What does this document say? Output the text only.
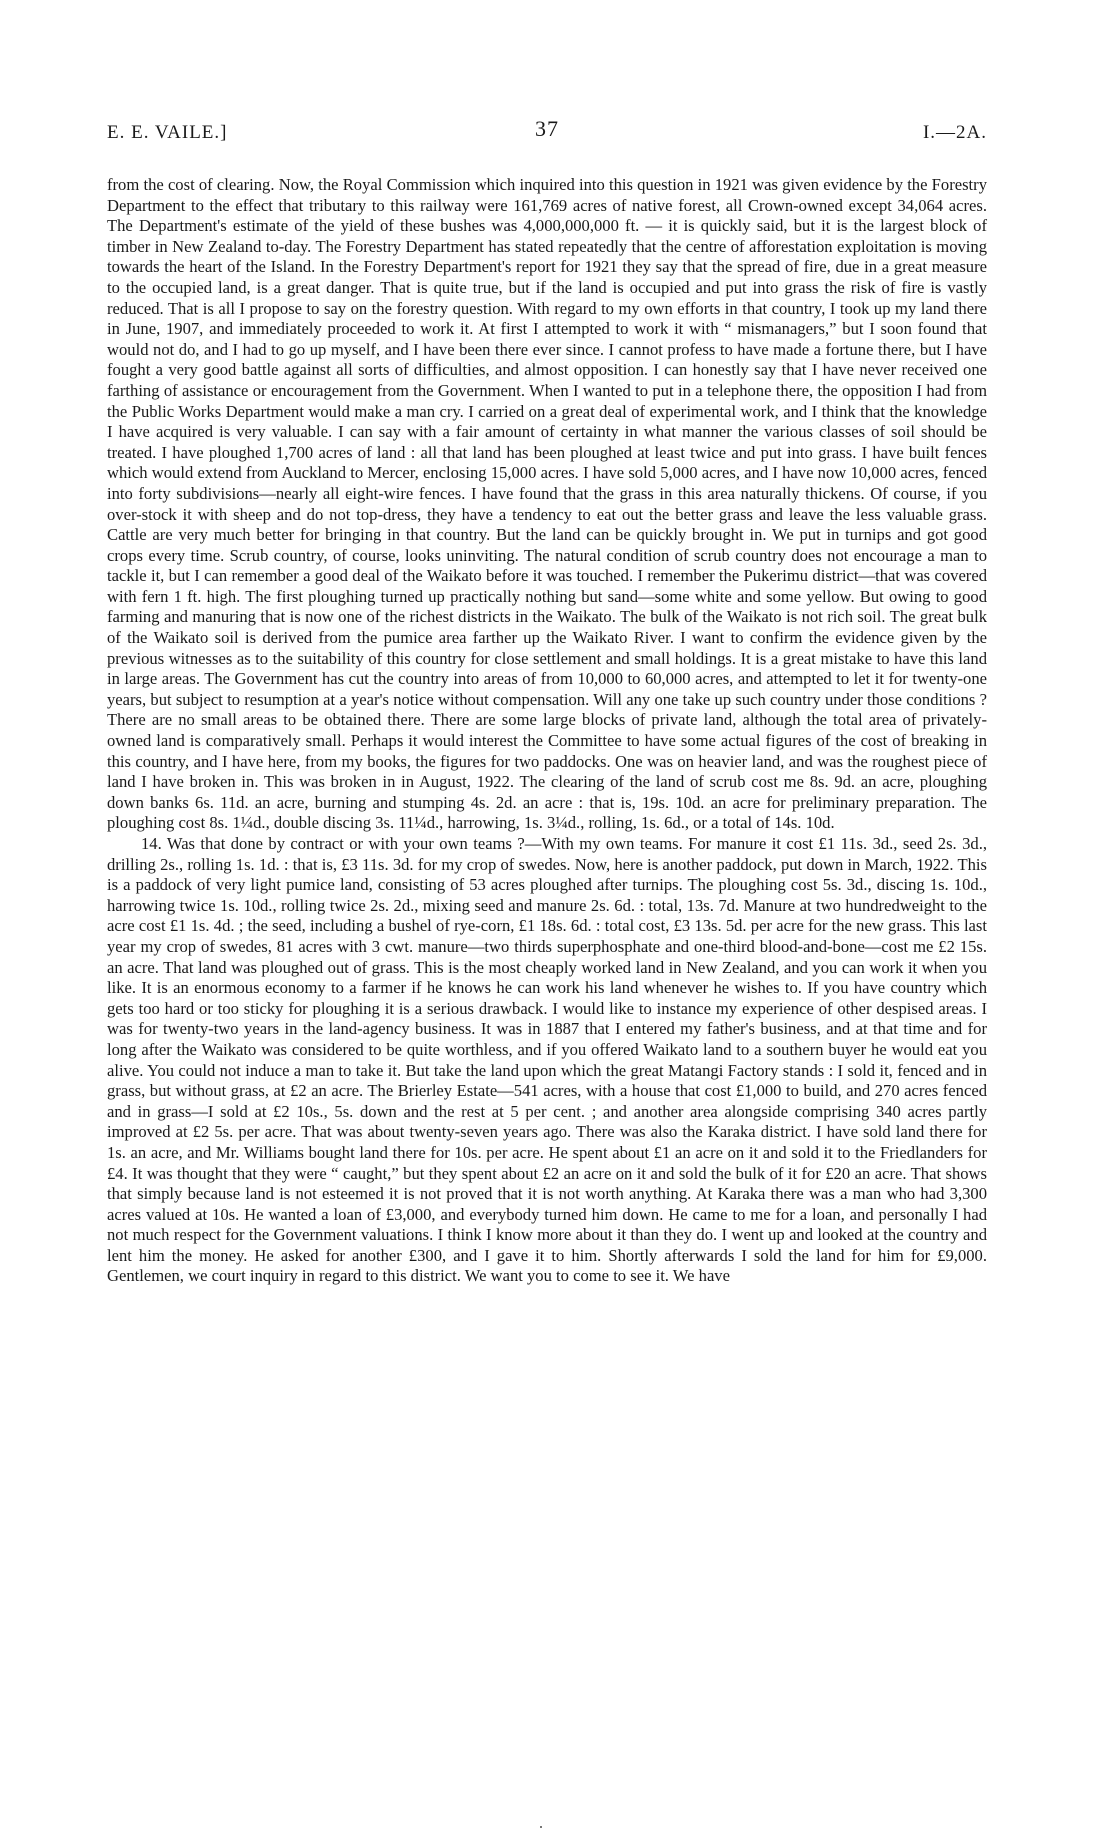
E. E. VAILE.]	37	I.—2A.

from the cost of clearing. Now, the Royal Commission which inquired into this question in 1921 was given evidence by the Forestry Department to the effect that tributary to this railway were 161,769 acres of native forest, all Crown-owned except 34,064 acres. The Department's estimate of the yield of these bushes was 4,000,000,000 ft. — it is quickly said, but it is the largest block of timber in New Zealand to-day. The Forestry Department has stated repeatedly that the centre of afforestation exploitation is moving towards the heart of the Island. In the Forestry Department's report for 1921 they say that the spread of fire, due in a great measure to the occupied land, is a great danger. That is quite true, but if the land is occupied and put into grass the risk of fire is vastly reduced. That is all I propose to say on the forestry question. With regard to my own efforts in that country, I took up my land there in June, 1907, and immediately proceeded to work it. At first I attempted to work it with “ mismanagers,” but I soon found that would not do, and I had to go up myself, and I have been there ever since. I cannot profess to have made a fortune there, but I have fought a very good battle against all sorts of difficulties, and almost opposition. I can honestly say that I have never received one farthing of assistance or encouragement from the Government. When I wanted to put in a telephone there, the opposition I had from the Public Works Department would make a man cry. I carried on a great deal of experimental work, and I think that the knowledge I have acquired is very valuable. I can say with a fair amount of certainty in what manner the various classes of soil should be treated. I have ploughed 1,700 acres of land : all that land has been ploughed at least twice and put into grass. I have built fences which would extend from Auckland to Mercer, enclosing 15,000 acres. I have sold 5,000 acres, and I have now 10,000 acres, fenced into forty subdivisions—nearly all eight-wire fences. I have found that the grass in this area naturally thickens. Of course, if you over-stock it with sheep and do not top-dress, they have a tendency to eat out the better grass and leave the less valuable grass. Cattle are very much better for bringing in that country. But the land can be quickly brought in. We put in turnips and got good crops every time. Scrub country, of course, looks uninviting. The natural condition of scrub country does not encourage a man to tackle it, but I can remember a good deal of the Waikato before it was touched. I remember the Pukerimu district—that was covered with fern 1 ft. high. The first ploughing turned up practically nothing but sand—some white and some yellow. But owing to good farming and manuring that is now one of the richest districts in the Waikato. The bulk of the Waikato is not rich soil. The great bulk of the Waikato soil is derived from the pumice area farther up the Waikato River. I want to confirm the evidence given by the previous witnesses as to the suitability of this country for close settlement and small holdings. It is a great mistake to have this land in large areas. The Government has cut the country into areas of from 10,000 to 60,000 acres, and attempted to let it for twenty-one years, but subject to resumption at a year's notice without compensation. Will any one take up such country under those conditions ? There are no small areas to be obtained there. There are some large blocks of private land, although the total area of privately-owned land is comparatively small. Perhaps it would interest the Committee to have some actual figures of the cost of breaking in this country, and I have here, from my books, the figures for two paddocks. One was on heavier land, and was the roughest piece of land I have broken in. This was broken in in August, 1922. The clearing of the land of scrub cost me 8s. 9d. an acre, ploughing down banks 6s. 11d. an acre, burning and stumping 4s. 2d. an acre : that is, 19s. 10d. an acre for preliminary preparation. The ploughing cost 8s. 1¼d., double discing 3s. 11¼d., harrowing, 1s. 3¼d., rolling, 1s. 6d., or a total of 14s. 10d.

14. Was that done by contract or with your own teams ?—With my own teams. For manure it cost £1 11s. 3d., seed 2s. 3d., drilling 2s., rolling 1s. 1d. : that is, £3 11s. 3d. for my crop of swedes. Now, here is another paddock, put down in March, 1922. This is a paddock of very light pumice land, consisting of 53 acres ploughed after turnips. The ploughing cost 5s. 3d., discing 1s. 10d., harrowing twice 1s. 10d., rolling twice 2s. 2d., mixing seed and manure 2s. 6d. : total, 13s. 7d. Manure at two hundredweight to the acre cost £1 1s. 4d. ; the seed, including a bushel of rye-corn, £1 18s. 6d. : total cost, £3 13s. 5d. per acre for the new grass. This last year my crop of swedes, 81 acres with 3 cwt. manure—two thirds superphosphate and one-third blood-and-bone—cost me £2 15s. an acre. That land was ploughed out of grass. This is the most cheaply worked land in New Zealand, and you can work it when you like. It is an enormous economy to a farmer if he knows he can work his land whenever he wishes to. If you have country which gets too hard or too sticky for ploughing it is a serious drawback. I would like to instance my experience of other despised areas. I was for twenty-two years in the land-agency business. It was in 1887 that I entered my father's business, and at that time and for long after the Waikato was considered to be quite worthless, and if you offered Waikato land to a southern buyer he would eat you alive. You could not induce a man to take it. But take the land upon which the great Matangi Factory stands : I sold it, fenced and in grass, but without grass, at £2 an acre. The Brierley Estate—541 acres, with a house that cost £1,000 to build, and 270 acres fenced and in grass—I sold at £2 10s., 5s. down and the rest at 5 per cent. ; and another area alongside comprising 340 acres partly improved at £2 5s. per acre. That was about twenty-seven years ago. There was also the Karaka district. I have sold land there for 1s. an acre, and Mr. Williams bought land there for 10s. per acre. He spent about £1 an acre on it and sold it to the Friedlanders for £4. It was thought that they were “ caught,” but they spent about £2 an acre on it and sold the bulk of it for £20 an acre. That shows that simply because land is not esteemed it is not proved that it is not worth anything. At Karaka there was a man who had 3,300 acres valued at 10s. He wanted a loan of £3,000, and everybody turned him down. He came to me for a loan, and personally I had not much respect for the Government valuations. I think I know more about it than they do. I went up and looked at the country and lent him the money. He asked for another £300, and I gave it to him. Shortly afterwards I sold the land for him for £9,000. Gentlemen, we court inquiry in regard to this district. We want you to come to see it. We have
